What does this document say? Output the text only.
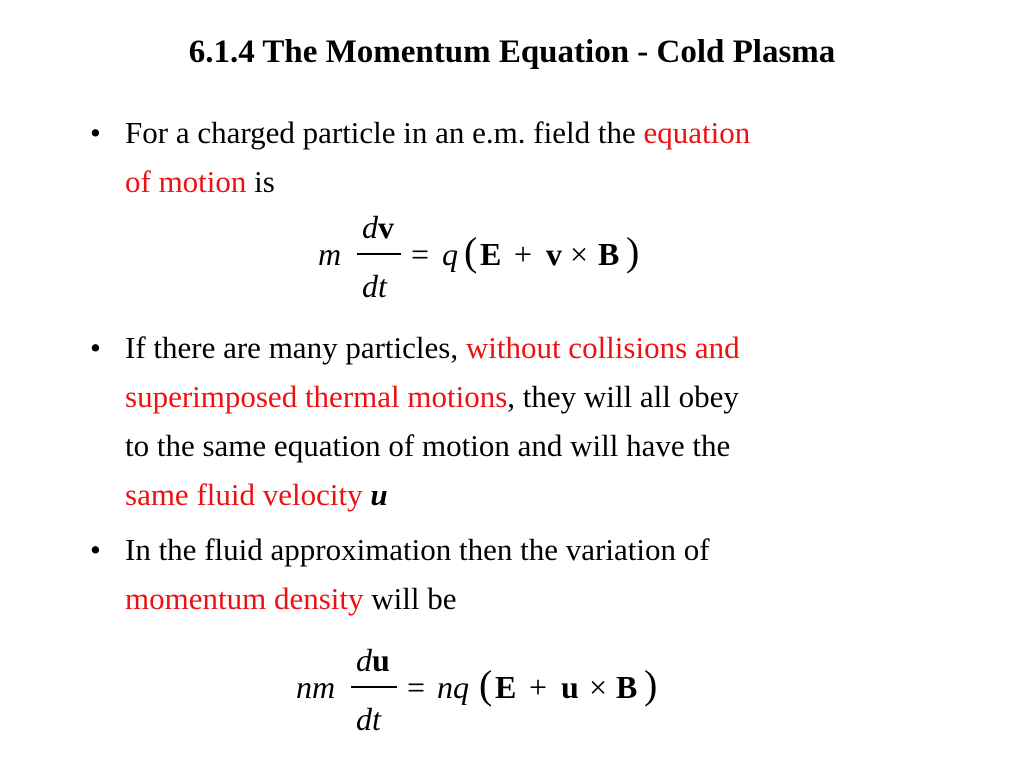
6.1.4 The Momentum Equation - Cold Plasma
• For a charged particle in an e.m. field the equation
of motion is
m
dv
dt
= q ( E + v × B )
• If there are many particles, without collisions and
superimposed thermal motions, they will all obey
to the same equation of motion and will have the
same fluid velocity u
• In the fluid approximation then the variation of
momentum density will be
nm
du
dt
= nq ( E + u × B )
